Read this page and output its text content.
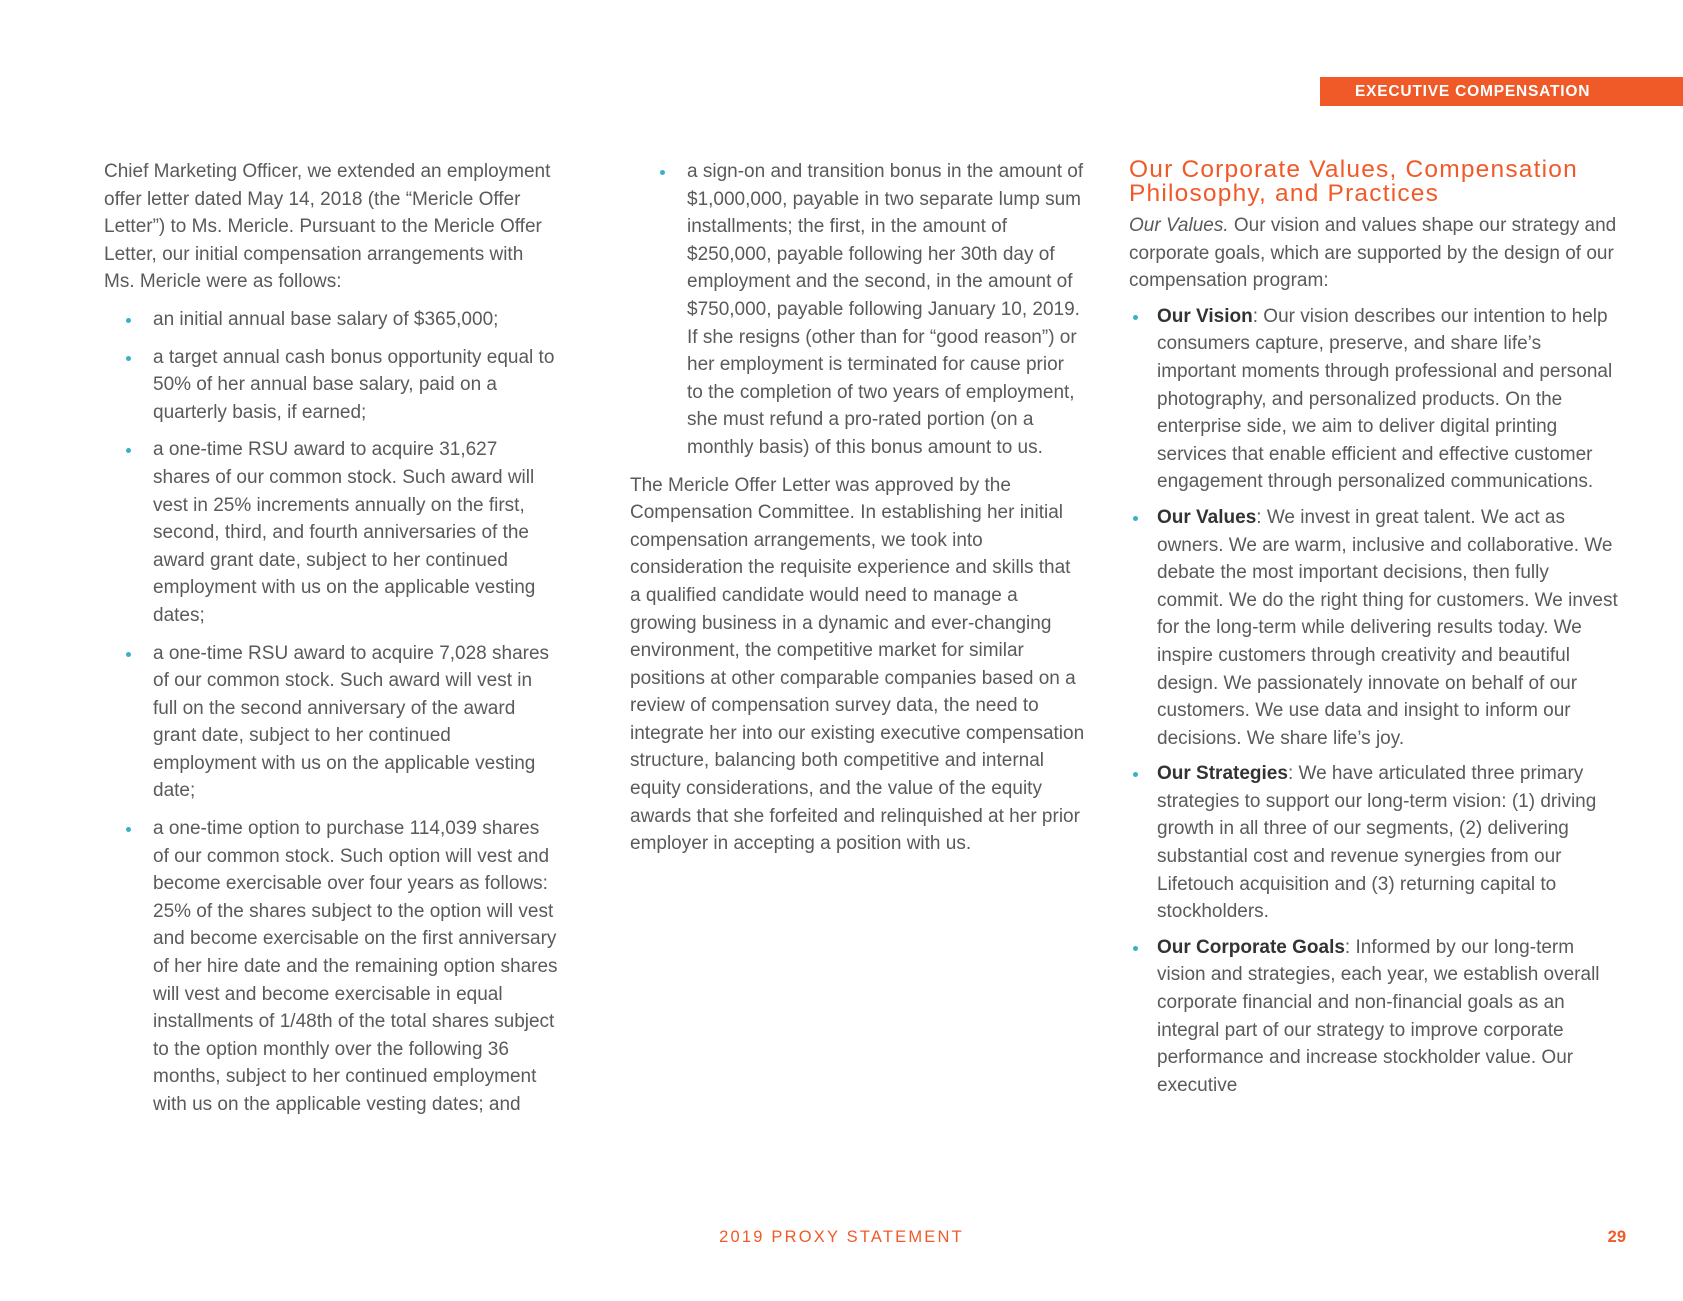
EXECUTIVE COMPENSATION

Chief Marketing Officer, we extended an employment offer letter dated May 14, 2018 (the “Mericle Offer Letter”) to Ms. Mericle. Pursuant to the Mericle Offer Letter, our initial compensation arrangements with Ms. Mericle were as follows:

an initial annual base salary of $365,000;
a target annual cash bonus opportunity equal to 50% of her annual base salary, paid on a quarterly basis, if earned;
a one-time RSU award to acquire 31,627 shares of our common stock. Such award will vest in 25% increments annually on the first, second, third, and fourth anniversaries of the award grant date, subject to her continued employment with us on the applicable vesting dates;
a one-time RSU award to acquire 7,028 shares of our common stock. Such award will vest in full on the second anniversary of the award grant date, subject to her continued employment with us on the applicable vesting date;
a one-time option to purchase 114,039 shares of our common stock. Such option will vest and become exercisable over four years as follows: 25% of the shares subject to the option will vest and become exercisable on the first anniversary of her hire date and the remaining option shares will vest and become exercisable in equal installments of 1/48th of the total shares subject to the option monthly over the following 36 months, subject to her continued employment with us on the applicable vesting dates; and
a sign-on and transition bonus in the amount of $1,000,000, payable in two separate lump sum installments; the first, in the amount of $250,000, payable following her 30th day of employment and the second, in the amount of $750,000, payable following January 10, 2019. If she resigns (other than for “good reason”) or her employment is terminated for cause prior to the completion of two years of employment, she must refund a pro-rated portion (on a monthly basis) of this bonus amount to us.

The Mericle Offer Letter was approved by the Compensation Committee. In establishing her initial compensation arrangements, we took into consideration the requisite experience and skills that a qualified candidate would need to manage a growing business in a dynamic and ever-changing environment, the competitive market for similar positions at other comparable companies based on a review of compensation survey data, the need to integrate her into our existing executive compensation structure, balancing both competitive and internal equity considerations, and the value of the equity awards that she forfeited and relinquished at her prior employer in accepting a position with us.

Our Corporate Values, Compensation Philosophy, and Practices

Our Values. Our vision and values shape our strategy and corporate goals, which are supported by the design of our compensation program:

Our Vision: Our vision describes our intention to help consumers capture, preserve, and share life’s important moments through professional and personal photography, and personalized products. On the enterprise side, we aim to deliver digital printing services that enable efficient and effective customer engagement through personalized communications.
Our Values: We invest in great talent. We act as owners. We are warm, inclusive and collaborative. We debate the most important decisions, then fully commit. We do the right thing for customers. We invest for the long-term while delivering results today. We inspire customers through creativity and beautiful design. We passionately innovate on behalf of our customers. We use data and insight to inform our decisions. We share life’s joy.
Our Strategies: We have articulated three primary strategies to support our long-term vision: (1) driving growth in all three of our segments, (2) delivering substantial cost and revenue synergies from our Lifetouch acquisition and (3) returning capital to stockholders.
Our Corporate Goals: Informed by our long-term vision and strategies, each year, we establish overall corporate financial and non-financial goals as an integral part of our strategy to improve corporate performance and increase stockholder value. Our executive
2019 PROXY STATEMENT	29
